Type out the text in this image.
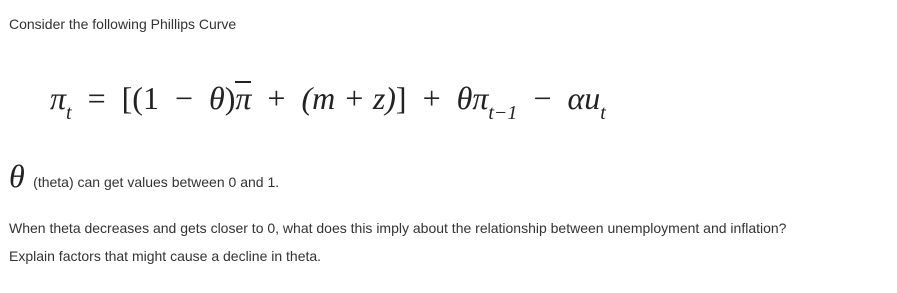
Consider the following Phillips Curve
$\pi_t = [(1 - \theta)\pi + (m + z)] + \theta\pi_{t-1} - \alpha u_t$
θ (theta) can get values between 0 and 1.
When theta decreases and gets closer to 0, what does this imply about the relationship between unemployment and inflation?
Explain factors that might cause a decline in theta.
